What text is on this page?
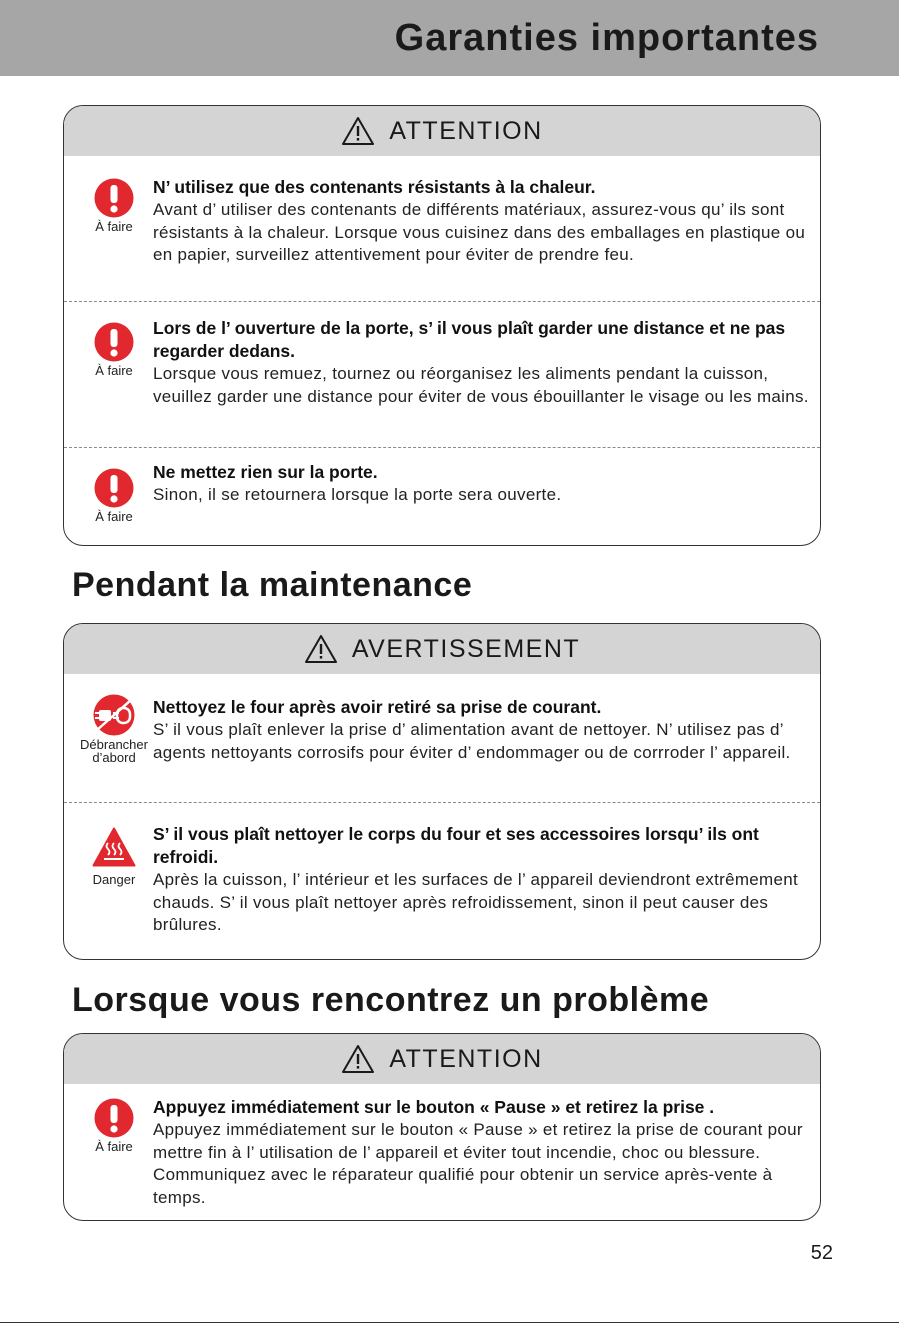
Garanties importantes
ATTENTION
À faire
N’ utilisez que des contenants résistants à la chaleur.
Avant d’ utiliser des contenants de différents matériaux, assurez-vous qu’ ils sont résistants à la chaleur. Lorsque vous cuisinez dans des emballages en plastique ou en papier, surveillez attentivement pour éviter de prendre feu.
À faire
Lors de l’ ouverture de la porte, s’ il vous plaît garder une distance et ne pas regarder dedans.
Lorsque vous remuez, tournez ou réorganisez les aliments pendant la cuisson, veuillez garder une distance pour éviter de vous ébouillanter le visage ou les mains.
À faire
Ne mettez rien sur la porte.
Sinon, il se retournera lorsque la porte sera ouverte.
Pendant la maintenance
AVERTISSEMENT
Débrancher
d’abord
Nettoyez le four après avoir retiré sa prise de courant.
S’ il vous plaît enlever la prise d’ alimentation avant de nettoyer. N’ utilisez pas d’ agents nettoyants corrosifs pour éviter d’ endommager ou de corrroder l’ appareil.
Danger
S’ il vous plaît nettoyer le corps du four et ses accessoires lorsqu’ ils ont refroidi.
Après la cuisson, l’ intérieur et les surfaces de l’ appareil deviendront extrêmement chauds. S’ il vous plaît nettoyer après refroidissement, sinon il peut causer des brûlures.
Lorsque vous rencontrez un problème
ATTENTION
À faire
Appuyez immédiatement sur le bouton « Pause » et retirez la prise .
Appuyez immédiatement sur le bouton « Pause » et retirez la prise de courant pour mettre fin à l’ utilisation de l’ appareil et éviter tout incendie, choc ou blessure. Communiquez avec le réparateur qualifié pour obtenir un service après-vente à temps.
52
